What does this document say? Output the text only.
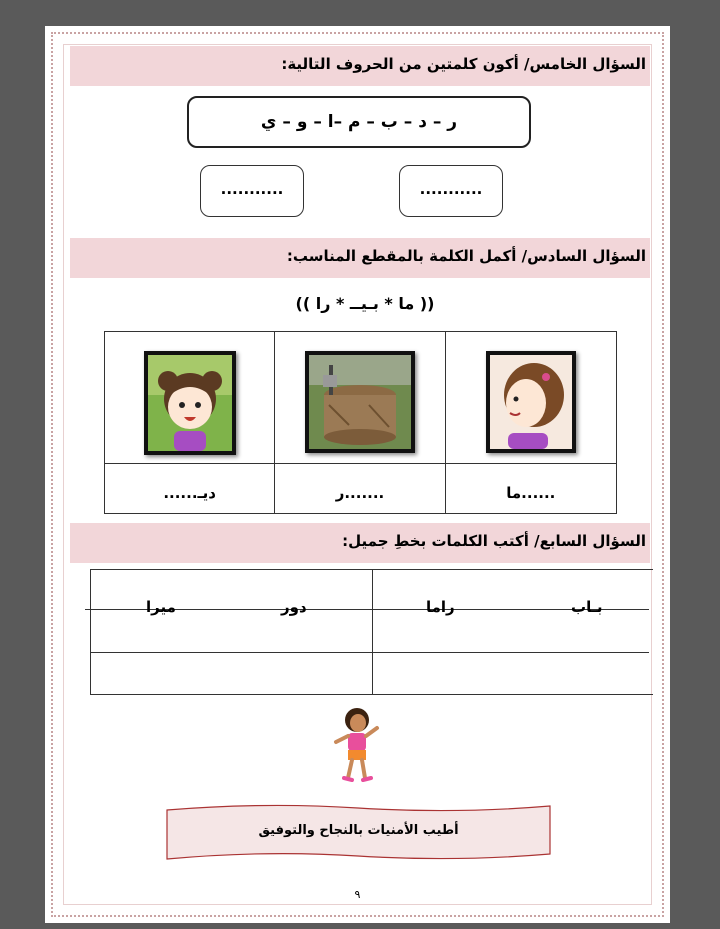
السؤال الخامس/ أكون كلمتين من الحروف التالية:
ر – د – ب – م –ا – و – ي
...........
...........
السؤال السادس/ أكمل الكلمة بالمقطع المناسب:
(( ما * بـيــ * را ))
ديـ......	.......ر	......ما
السؤال السابع/ أكتب الكلمات بخطِ جميل:
بـاب
راما
دور
ميرا
أطيب الأمنيات بالنجاح والتوفيق
٩
